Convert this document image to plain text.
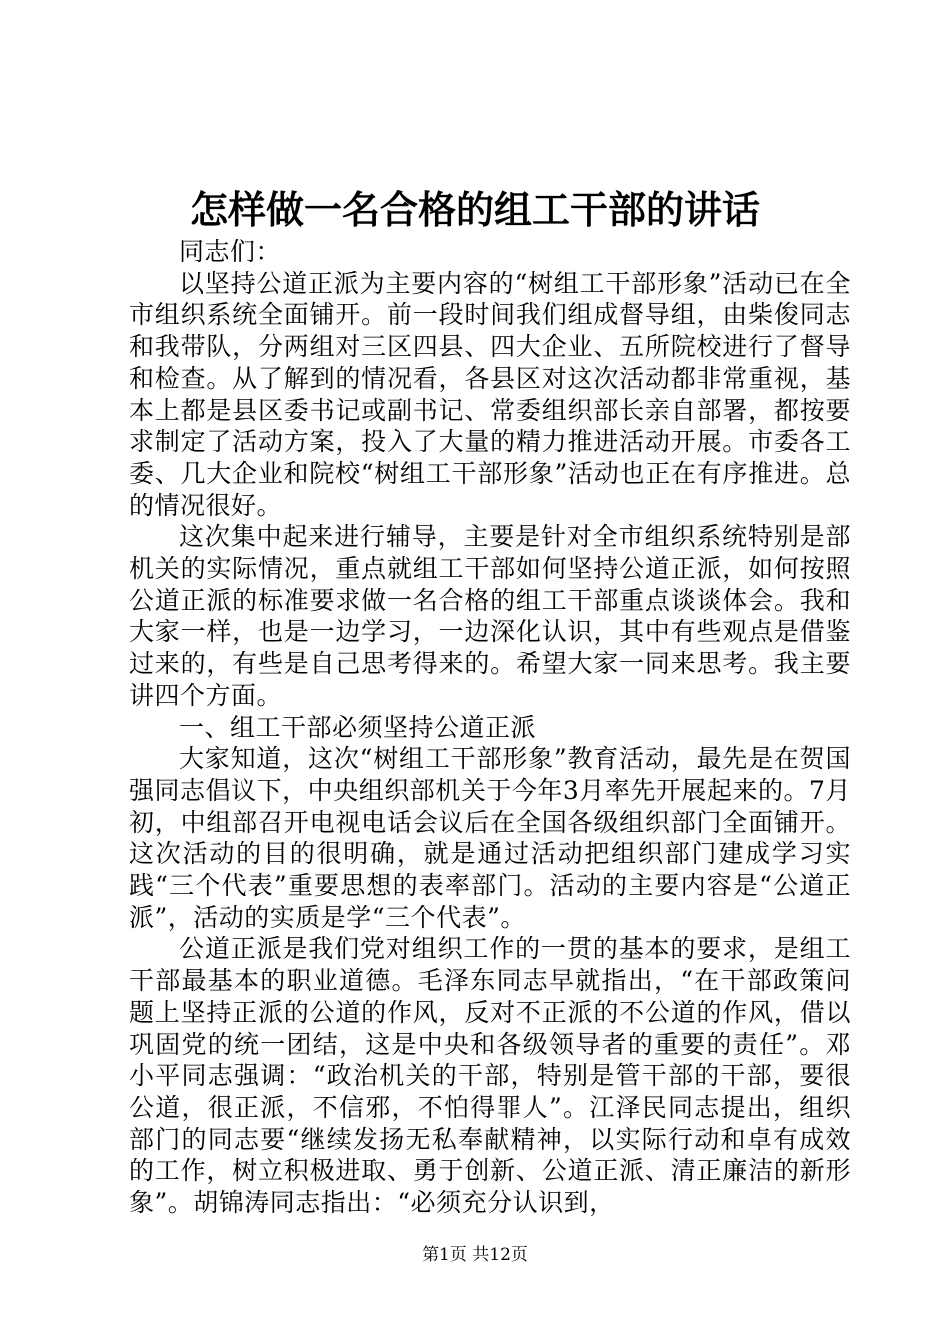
怎样做一名合格的组工干部的讲话

同志们：

以坚持公道正派为主要内容的“树组工干部形象”活动已在全市组织系统全面铺开。前一段时间我们组成督导组，由柴俊同志和我带队，分两组对三区四县、四大企业、五所院校进行了督导和检查。从了解到的情况看，各县区对这次活动都非常重视，基本上都是县区委书记或副书记、常委组织部长亲自部署，都按要求制定了活动方案，投入了大量的精力推进活动开展。市委各工委、几大企业和院校“树组工干部形象”活动也正在有序推进。总的情况很好。

这次集中起来进行辅导，主要是针对全市组织系统特别是部机关的实际情况，重点就组工干部如何坚持公道正派，如何按照公道正派的标准要求做一名合格的组工干部重点谈谈体会。我和大家一样，也是一边学习，一边深化认识，其中有些观点是借鉴过来的，有些是自己思考得来的。希望大家一同来思考。我主要讲四个方面。

一、组工干部必须坚持公道正派

大家知道，这次“树组工干部形象”教育活动，最先是在贺国强同志倡议下，中央组织部机关于今年3月率先开展起来的。7月初，中组部召开电视电话会议后在全国各级组织部门全面铺开。这次活动的目的很明确，就是通过活动把组织部门建成学习实践“三个代表”重要思想的表率部门。活动的主要内容是“公道正派”，活动的实质是学“三个代表”。

公道正派是我们党对组织工作的一贯的基本的要求，是组工干部最基本的职业道德。毛泽东同志早就指出，“在干部政策问题上坚持正派的公道的作风，反对不正派的不公道的作风，借以巩固党的统一团结，这是中央和各级领导者的重要的责任”。邓小平同志强调：“政治机关的干部，特别是管干部的干部，要很公道，很正派，不信邪，不怕得罪人”。江泽民同志提出，组织部门的同志要“继续发扬无私奉献精神，以实际行动和卓有成效的工作，树立积极进取、勇于创新、公道正派、清正廉洁的新形象”。胡锦涛同志指出：“必须充分认识到，

第1页 共12页
